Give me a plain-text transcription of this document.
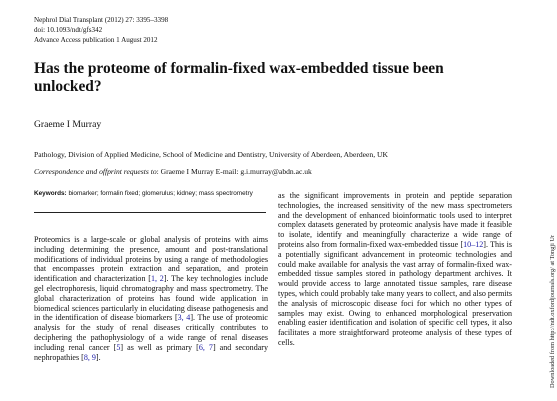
Nephrol Dial Transplant (2012) 27: 3395–3398
doi: 10.1093/ndt/gfs342
Advance Access publication 1 August 2012
Has the proteome of formalin-fixed wax-embedded tissue been unlocked?
Graeme I Murray
Pathology, Division of Applied Medicine, School of Medicine and Dentistry, University of Aberdeen, Aberdeen, UK
Correspondence and offprint requests to: Graeme I Murray E-mail: g.i.murray@abdn.ac.uk
Keywords: biomarker; formalin fixed; glomerulus; kidney; mass spectrometry

Proteomics is a large-scale or global analysis of proteins with aims including determining the presence, amount and post-translational modifications of individual proteins by using a range of methodologies that encompasses protein extraction and separation, and protein identification and characterization [1, 2]. The key technologies include gel electrophoresis, liquid chromatography and mass spectrometry. The global characterization of proteins has found wide application in biomedical sciences particularly in elucidating disease pathogenesis and in the identification of disease biomarkers [3, 4]. The use of proteomic analysis for the study of renal diseases critically contributes to deciphering the pathophysiology of a wide range of renal diseases including renal cancer [5] as well as primary [6, 7] and secondary nephropathies [8, 9].

as the significant improvements in protein and peptide separation technologies, the increased sensitivity of the new mass spectrometers and the development of enhanced bioinformatic tools used to interpret complex datasets generated by proteomic analysis have made it feasible to isolate, identify and meaningfully characterize a wide range of proteins also from formalin-fixed wax-embedded tissue [10–12]. This is a potentially significant advancement in proteomic technologies and could make available for analysis the vast array of formalin-fixed wax-embedded tissue samples stored in pathology department archives. It would provide access to large annotated tissue samples, rare disease types, which could probably take many years to collect, and also permits the analysis of microscopic disease foci for which no other types of samples may exist. Owing to enhanced morphological preservation enabling easier identification and isolation of specific cell types, it also facilitates a more straightforward proteome analysis of these types of cells.	Downloaded from http://ndt.oxfordjournals.org/ at Tongji Ur
